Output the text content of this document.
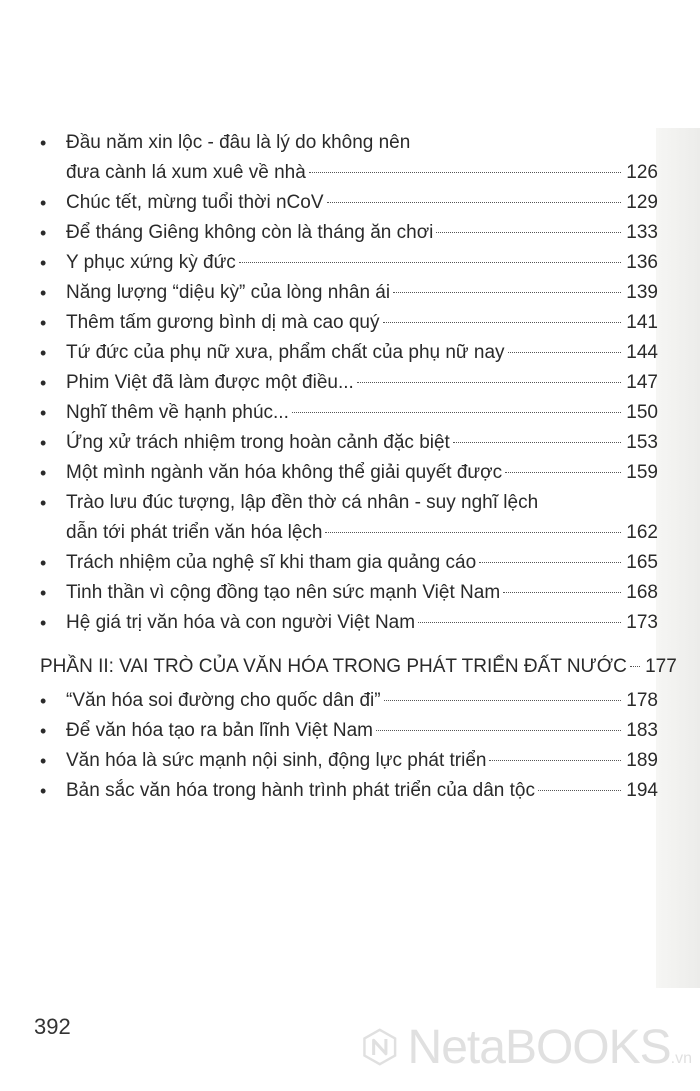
•	Đầu năm xin lộc - đâu là lý do không nên
đưa cành lá xum xuê về nhà	126
•	Chúc tết, mừng tuổi thời nCoV	129
•	Để tháng Giêng không còn là tháng ăn chơi	133
•	Y phục xứng kỳ đức	136
•	Năng lượng “diệu kỳ” của lòng nhân ái	139
•	Thêm tấm gương bình dị mà cao quý	141
•	Tứ đức của phụ nữ xưa, phẩm chất của phụ nữ nay	144
•	Phim Việt đã làm được một điều...	147
•	Nghĩ thêm về hạnh phúc...	150
•	Ứng xử trách nhiệm trong hoàn cảnh đặc biệt	153
•	Một mình ngành văn hóa không thể giải quyết được	159
•	Trào lưu đúc tượng, lập đền thờ cá nhân - suy nghĩ lệch
dẫn tới phát triển văn hóa lệch	162
•	Trách nhiệm của nghệ sĩ khi tham gia quảng cáo	165
•	Tinh thần vì cộng đồng tạo nên sức mạnh Việt Nam	168
•	Hệ giá trị văn hóa và con người Việt Nam	173
PHẦN II: VAI TRÒ CỦA VĂN HÓA TRONG PHÁT TRIỂN ĐẤT NƯỚC 177
•	“Văn hóa soi đường cho quốc dân đi”	178
•	Để văn hóa tạo ra bản lĩnh Việt Nam	183
•	Văn hóa là sức mạnh nội sinh, động lực phát triển	189
•	Bản sắc văn hóa trong hành trình phát triển của dân tộc	194
392	NetaBOOKS.vn
